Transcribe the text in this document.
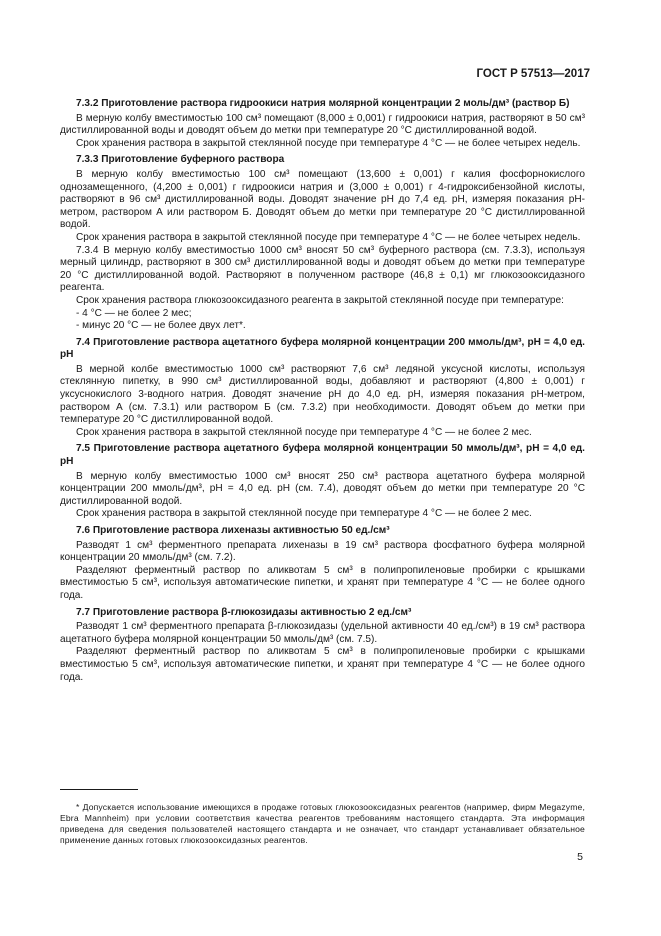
ГОСТ Р 57513—2017

7.3.2 Приготовление раствора гидроокиси натрия молярной концентрации 2 моль/дм³ (раствор Б)

В мерную колбу вместимостью 100 см³ помещают (8,000 ± 0,001) г гидроокиси натрия, растворяют в 50 см³ дистиллированной воды и доводят объем до метки при температуре 20 °С дистиллированной водой.

Срок хранения раствора в закрытой стеклянной посуде при температуре 4 °С — не более четырех недель.

7.3.3 Приготовление буферного раствора

В мерную колбу вместимостью 100 см³ помещают (13,600 ± 0,001) г калия фосфорнокислого однозамещенного, (4,200 ± 0,001) г гидроокиси натрия и (3,000 ± 0,001) г 4-гидроксибензойной кислоты, растворяют в 96 см³ дистиллированной воды. Доводят значение pH до 7,4 ед. pH, измеряя показания pH-метром, раствором А или раствором Б. Доводят объем до метки при температуре 20 °С дистиллированной водой.

Срок хранения раствора в закрытой стеклянной посуде при температуре 4 °С — не более четырех недель.

7.3.4 В мерную колбу вместимостью 1000 см³ вносят 50 см³ буферного раствора (см. 7.3.3), используя мерный цилиндр, растворяют в 300 см³ дистиллированной воды и доводят объем до метки при температуре 20 °С дистиллированной водой. Растворяют в полученном растворе (46,8 ± 0,1) мг глюкозооксидазного реагента.

Срок хранения раствора глюкозооксидазного реагента в закрытой стеклянной посуде при температуре:

- 4 °С — не более 2 мес;

- минус 20 °С — не более двух лет*.

7.4 Приготовление раствора ацетатного буфера молярной концентрации 200 ммоль/дм³, pH = 4,0 ед. pH

В мерной колбе вместимостью 1000 см³ растворяют 7,6 см³ ледяной уксусной кислоты, используя стеклянную пипетку, в 990 см³ дистиллированной воды, добавляют и растворяют (4,800 ± 0,001) г уксуснокислого 3-водного натрия. Доводят значение pH до 4,0 ед. pH, измеряя показания pH-метром, раствором А (см. 7.3.1) или раствором Б (см. 7.3.2) при необходимости. Доводят объем до метки при температуре 20 °С дистиллированной водой.

Срок хранения раствора в закрытой стеклянной посуде при температуре 4 °С — не более 2 мес.

7.5 Приготовление раствора ацетатного буфера молярной концентрации 50 ммоль/дм³, pH = 4,0 ед. pH

В мерную колбу вместимостью 1000 см³ вносят 250 см³ раствора ацетатного буфера молярной концентрации 200 ммоль/дм³, pH = 4,0 ед. pH (см. 7.4), доводят объем до метки при температуре 20 °С дистиллированной водой.

Срок хранения раствора в закрытой стеклянной посуде при температуре 4 °С — не более 2 мес.

7.6 Приготовление раствора лихеназы активностью 50 ед./см³

Разводят 1 см³ ферментного препарата лихеназы в 19 см³ раствора фосфатного буфера молярной концентрации 20 ммоль/дм³ (см. 7.2).

Разделяют ферментный раствор по аликвотам 5 см³ в полипропиленовые пробирки с крышками вместимостью 5 см³, используя автоматические пипетки, и хранят при температуре 4 °С — не более одного года.

7.7 Приготовление раствора β-глюкозидазы активностью 2 ед./см³

Разводят 1 см³ ферментного препарата β-глюкозидазы (удельной активности 40 ед./см³) в 19 см³ раствора ацетатного буфера молярной концентрации 50 ммоль/дм³ (см. 7.5).

Разделяют ферментный раствор по аликвотам 5 см³ в полипропиленовые пробирки с крышками вместимостью 5 см³, используя автоматические пипетки, и хранят при температуре 4 °С — не более одного года.

* Допускается использование имеющихся в продаже готовых глюкозооксидазных реагентов (например, фирм Megazyme, Ebra Mannheim) при условии соответствия качества реагентов требованиям настоящего стандарта. Эта информация приведена для сведения пользователей настоящего стандарта и не означает, что стандарт устанавливает обязательное применение данных готовых глюкозооксидазных реагентов.

5
